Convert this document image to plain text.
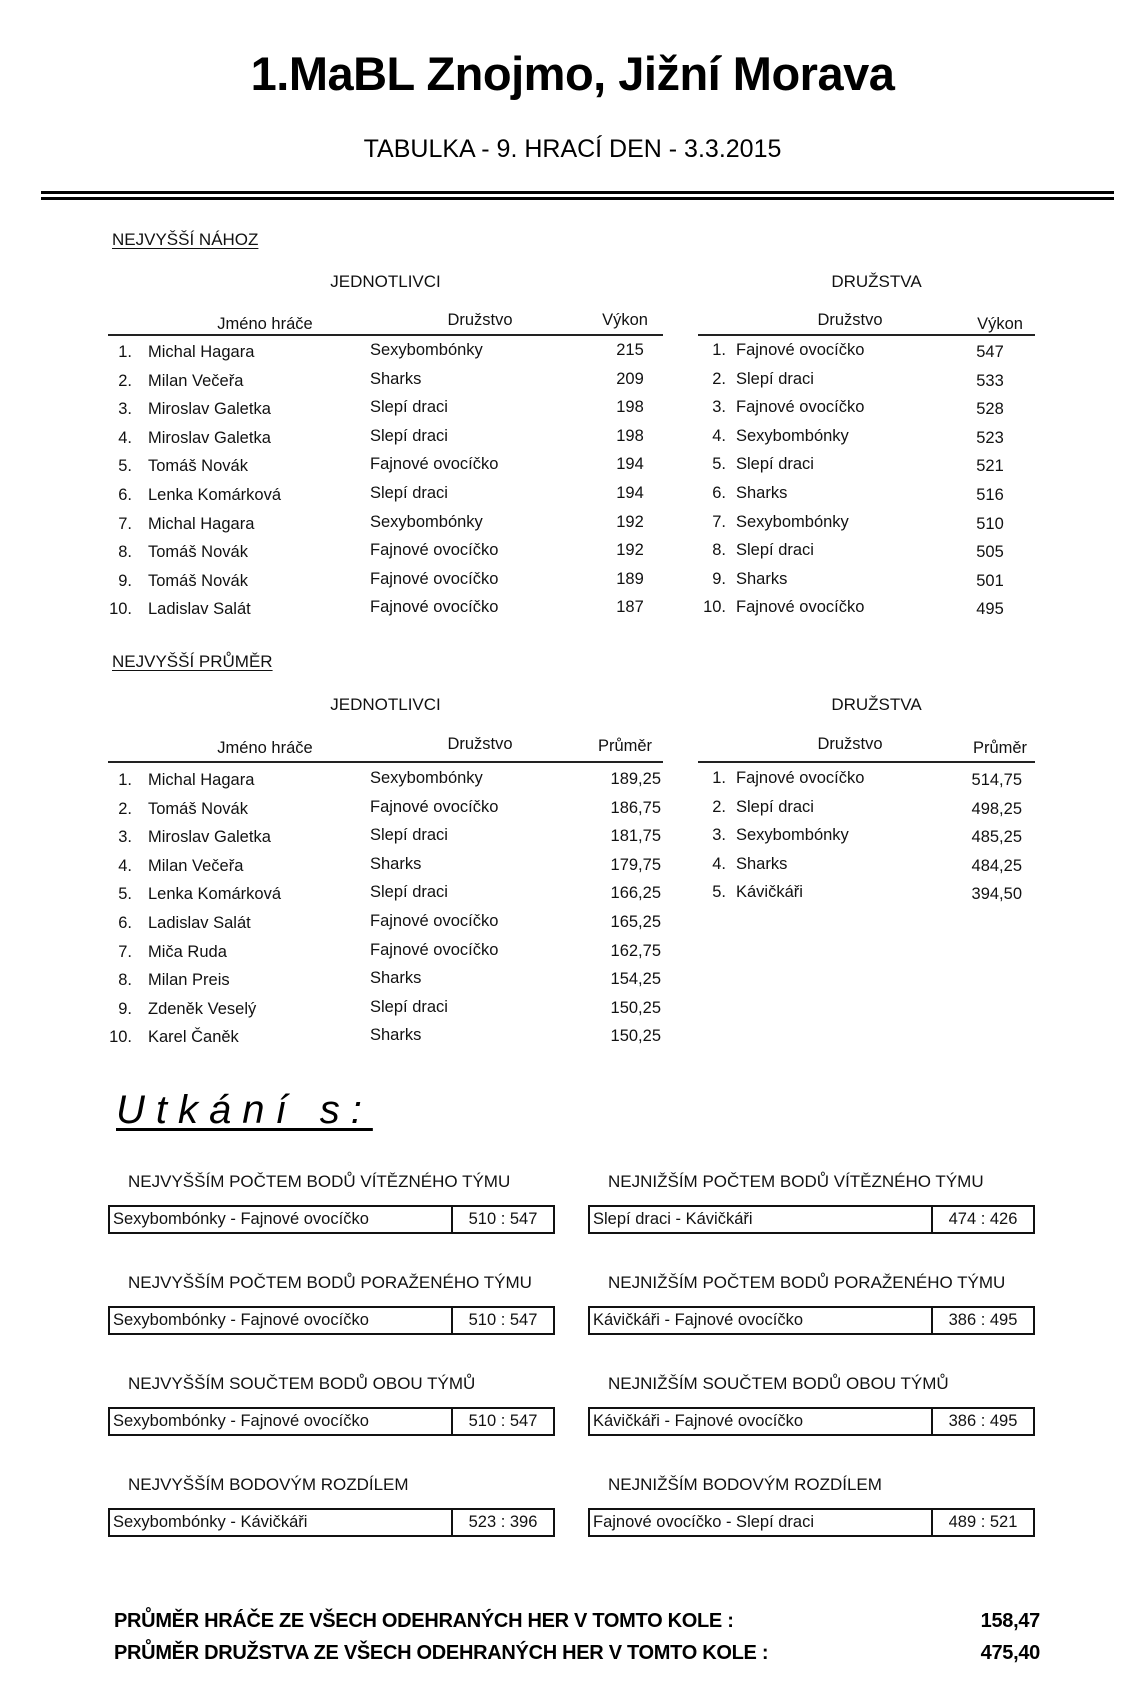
1.MaBL Znojmo, Jižní Morava
TABULKA - 9. HRACÍ DEN - 3.3.2015
NEJVYŠŠÍ NÁHOZ
JEDNOTLIVCI	DRUŽSTVA
Jméno hráče	Družstvo	Výkon	Družstvo	Výkon
1. Michal Hagara	Sexybombónky	215
2. Milan Večeřa	Sharks	209
3. Miroslav Galetka	Slepí draci	198
4. Miroslav Galetka	Slepí draci	198
5. Tomáš Novák	Fajnové ovocíčko	194
6. Lenka Komárková	Slepí draci	194
7. Michal Hagara	Sexybombónky	192
8. Tomáš Novák	Fajnové ovocíčko	192
9. Tomáš Novák	Fajnové ovocíčko	189
10. Ladislav Salát	Fajnové ovocíčko	187
1. Fajnové ovocíčko	547
2. Slepí draci	533
3. Fajnové ovocíčko	528
4. Sexybombónky	523
5. Slepí draci	521
6. Sharks	516
7. Sexybombónky	510
8. Slepí draci	505
9. Sharks	501
10. Fajnové ovocíčko	495
NEJVYŠŠÍ PRŮMĚR
JEDNOTLIVCI	DRUŽSTVA
Jméno hráče	Družstvo	Průměr	Družstvo	Průměr
1. Michal Hagara	Sexybombónky	189,25
2. Tomáš Novák	Fajnové ovocíčko	186,75
3. Miroslav Galetka	Slepí draci	181,75
4. Milan Večeřa	Sharks	179,75
5. Lenka Komárková	Slepí draci	166,25
6. Ladislav Salát	Fajnové ovocíčko	165,25
7. Miča Ruda	Fajnové ovocíčko	162,75
8. Milan Preis	Sharks	154,25
9. Zdeněk Veselý	Slepí draci	150,25
10. Karel Čaněk	Sharks	150,25
1. Fajnové ovocíčko	514,75
2. Slepí draci	498,25
3. Sexybombónky	485,25
4. Sharks	484,25
5. Kávičkáři	394,50
Utkání s:
NEJVYŠŠÍM POČTEM BODŮ VÍTĚZNÉHO TÝMU
Sexybombónky - Fajnové ovocíčko	510 : 547
NEJVYŠŠÍM POČTEM BODŮ PORAŽENÉHO TÝMU
Sexybombónky - Fajnové ovocíčko	510 : 547
NEJVYŠŠÍM SOUČTEM BODŮ OBOU TÝMŮ
Sexybombónky - Fajnové ovocíčko	510 : 547
NEJVYŠŠÍM BODOVÝM ROZDÍLEM
Sexybombónky - Kávičkáři	523 : 396
NEJNIŽŠÍM POČTEM BODŮ VÍTĚZNÉHO TÝMU
Slepí draci - Kávičkáři	474 : 426
NEJNIŽŠÍM POČTEM BODŮ PORAŽENÉHO TÝMU
Kávičkáři - Fajnové ovocíčko	386 : 495
NEJNIŽŠÍM SOUČTEM BODŮ OBOU TÝMŮ
Kávičkáři - Fajnové ovocíčko	386 : 495
NEJNIŽŠÍM BODOVÝM ROZDÍLEM
Fajnové ovocíčko - Slepí draci	489 : 521
PRŮMĚR HRÁČE ZE VŠECH ODEHRANÝCH HER V TOMTO KOLE :	158,47
PRŮMĚR DRUŽSTVA ZE VŠECH ODEHRANÝCH HER V TOMTO KOLE :	475,40
